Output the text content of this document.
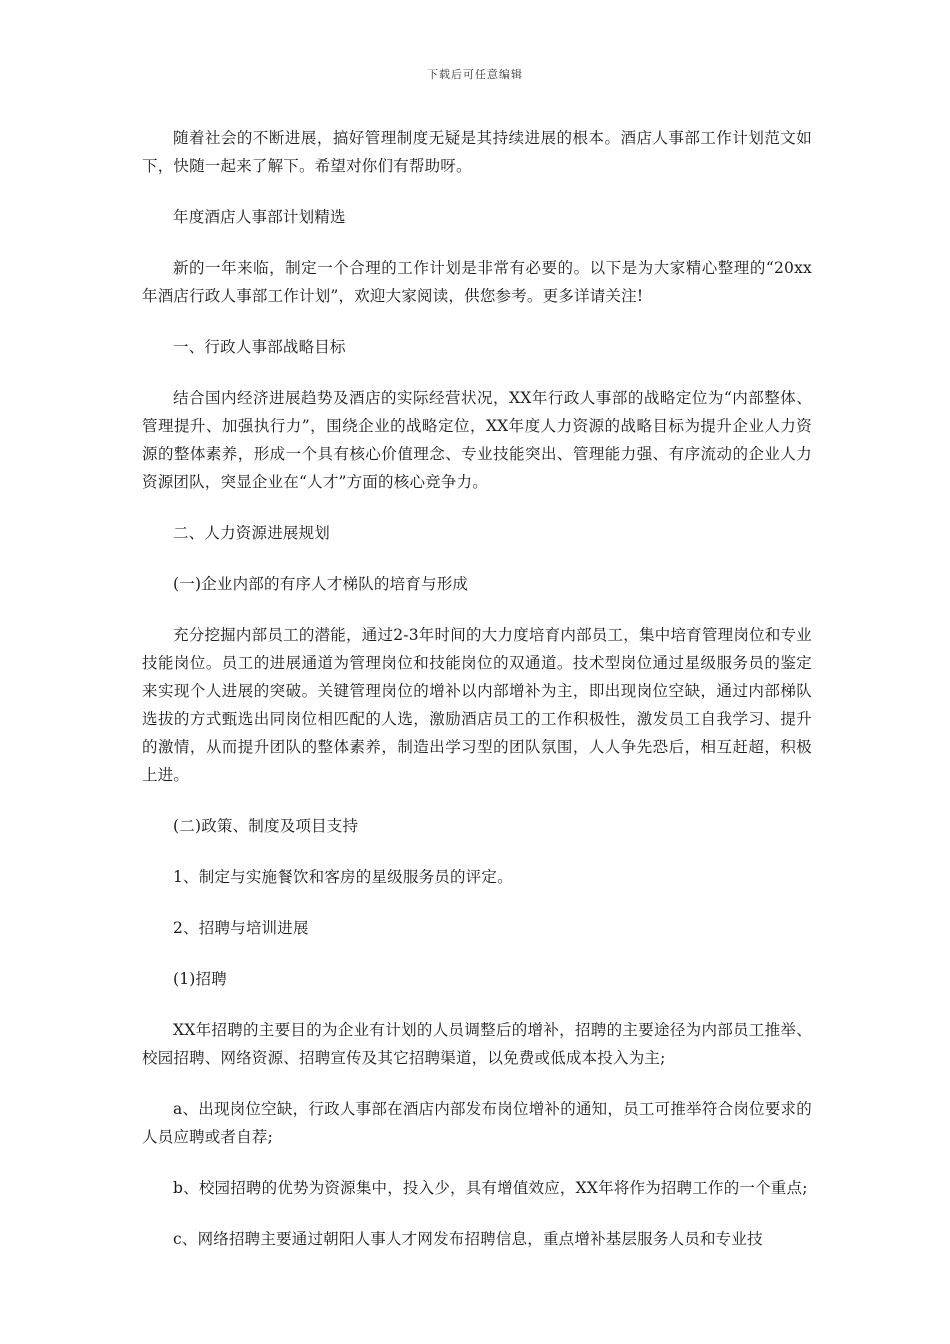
下载后可任意编辑

随着社会的不断进展，搞好管理制度无疑是其持续进展的根本。酒店人事部工作计划范文如下，快随一起来了解下。希望对你们有帮助呀。

年度酒店人事部计划精选

新的一年来临，制定一个合理的工作计划是非常有必要的。以下是为大家精心整理的“20xx年酒店行政人事部工作计划”，欢迎大家阅读，供您参考。更多详请关注!

一、行政人事部战略目标

结合国内经济进展趋势及酒店的实际经营状况，XX年行政人事部的战略定位为“内部整体、管理提升、加强执行力”，围绕企业的战略定位，XX年度人力资源的战略目标为提升企业人力资源的整体素养，形成一个具有核心价值理念、专业技能突出、管理能力强、有序流动的企业人力资源团队，突显企业在“人才”方面的核心竞争力。

二、人力资源进展规划

(一)企业内部的有序人才梯队的培育与形成

充分挖掘内部员工的潜能，通过2-3年时间的大力度培育内部员工，集中培育管理岗位和专业技能岗位。员工的进展通道为管理岗位和技能岗位的双通道。技术型岗位通过星级服务员的鉴定来实现个人进展的突破。关键管理岗位的增补以内部增补为主，即出现岗位空缺，通过内部梯队选拔的方式甄选出同岗位相匹配的人选，激励酒店员工的工作积极性，激发员工自我学习、提升的激情，从而提升团队的整体素养，制造出学习型的团队氛围，人人争先恐后，相互赶超，积极上进。

(二)政策、制度及项目支持

1、制定与实施餐饮和客房的星级服务员的评定。

2、招聘与培训进展

(1)招聘

XX年招聘的主要目的为企业有计划的人员调整后的增补，招聘的主要途径为内部员工推举、校园招聘、网络资源、招聘宣传及其它招聘渠道，以免费或低成本投入为主;

a、出现岗位空缺，行政人事部在酒店内部发布岗位增补的通知，员工可推举符合岗位要求的人员应聘或者自荐;

b、校园招聘的优势为资源集中，投入少，具有增值效应，XX年将作为招聘工作的一个重点;

c、网络招聘主要通过朝阳人事人才网发布招聘信息，重点增补基层服务人员和专业技
